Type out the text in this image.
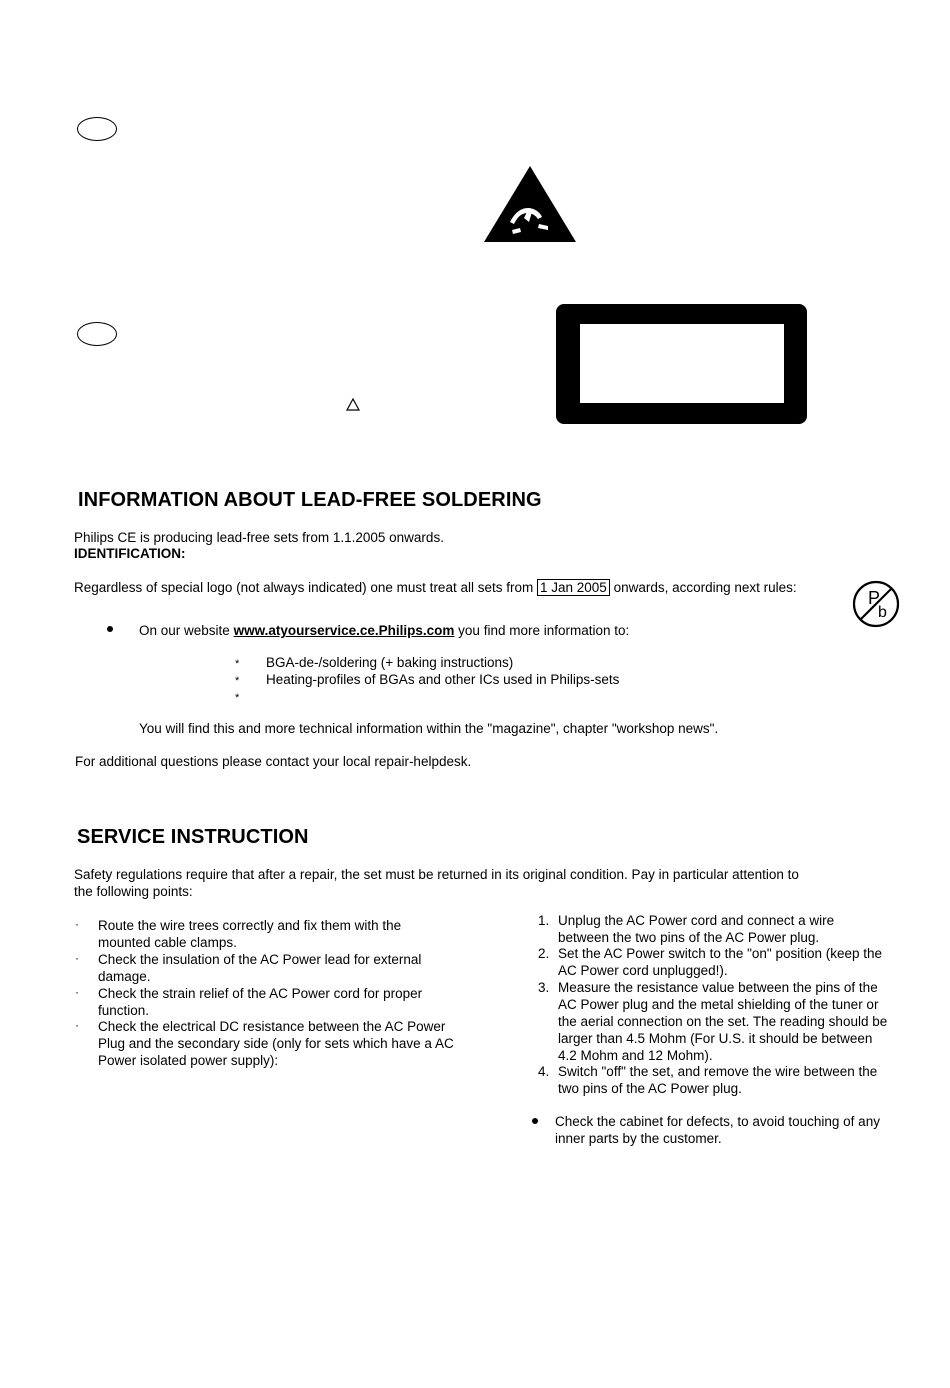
INFORMATION ABOUT LEAD-FREE SOLDERING
Philips CE is producing lead-free sets from 1.1.2005 onwards.
IDENTIFICATION:
Regardless of special logo (not always indicated) one must treat all sets from 1 Jan 2005 onwards, according next rules:
P
b
On our website www.atyourservice.ce.Philips.com you find more information to:
* BGA-de-/soldering (+ baking instructions)
* Heating-profiles of BGAs and other ICs used in Philips-sets
*
You will find this and more technical information within the "magazine", chapter "workshop news".
For additional questions please contact your local repair-helpdesk.
SERVICE INSTRUCTION
Safety regulations require that after a repair, the set must be returned in its original condition. Pay in particular attention to
the following points:
· Route the wire trees correctly and fix them with the
mounted cable clamps.
· Check the insulation of the AC Power lead for external
damage.
· Check the strain relief of the AC Power cord for proper
function.
· Check the electrical DC resistance between the AC Power
Plug and the secondary side (only for sets which have a AC
Power isolated power supply):
1. Unplug the AC Power cord and connect a wire
between the two pins of the AC Power plug.
2. Set the AC Power switch to the "on" position (keep the
AC Power cord unplugged!).
3. Measure the resistance value between the pins of the
AC Power plug and the metal shielding of the tuner or
the aerial connection on the set. The reading should be
larger than 4.5 Mohm (For U.S. it should be between
4.2 Mohm and 12 Mohm).
4. Switch "off" the set, and remove the wire between the
two pins of the AC Power plug.
Check the cabinet for defects, to avoid touching of any
inner parts by the customer.
